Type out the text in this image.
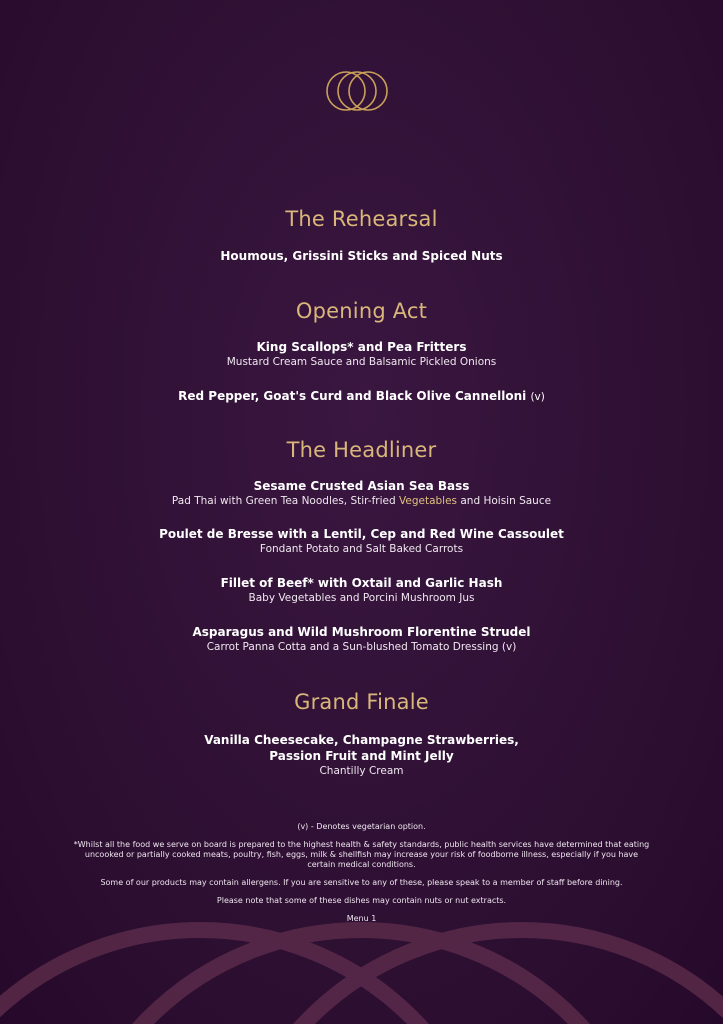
The Rehearsal
Houmous, Grissini Sticks and Spiced Nuts
Opening Act
King Scallops* and Pea Fritters
Mustard Cream Sauce and Balsamic Pickled Onions
Red Pepper, Goat's Curd and Black Olive Cannelloni (v)
The Headliner
Sesame Crusted Asian Sea Bass
Pad Thai with Green Tea Noodles, Stir-fried Vegetables and Hoisin Sauce
Poulet de Bresse with a Lentil, Cep and Red Wine Cassoulet
Fondant Potato and Salt Baked Carrots
Fillet of Beef* with Oxtail and Garlic Hash
Baby Vegetables and Porcini Mushroom Jus
Asparagus and Wild Mushroom Florentine Strudel
Carrot Panna Cotta and a Sun-blushed Tomato Dressing (v)
Grand Finale
Vanilla Cheesecake, Champagne Strawberries,
Passion Fruit and Mint Jelly
Chantilly Cream

(v) - Denotes vegetarian option.

*Whilst all the food we serve on board is prepared to the highest health & safety standards, public health services have determined that eating uncooked or partially cooked meats, poultry, fish, eggs, milk & shellfish may increase your risk of foodborne illness, especially if you have certain medical conditions.

Some of our products may contain allergens. If you are sensitive to any of these, please speak to a member of staff before dining.

Please note that some of these dishes may contain nuts or nut extracts.

Menu 1
